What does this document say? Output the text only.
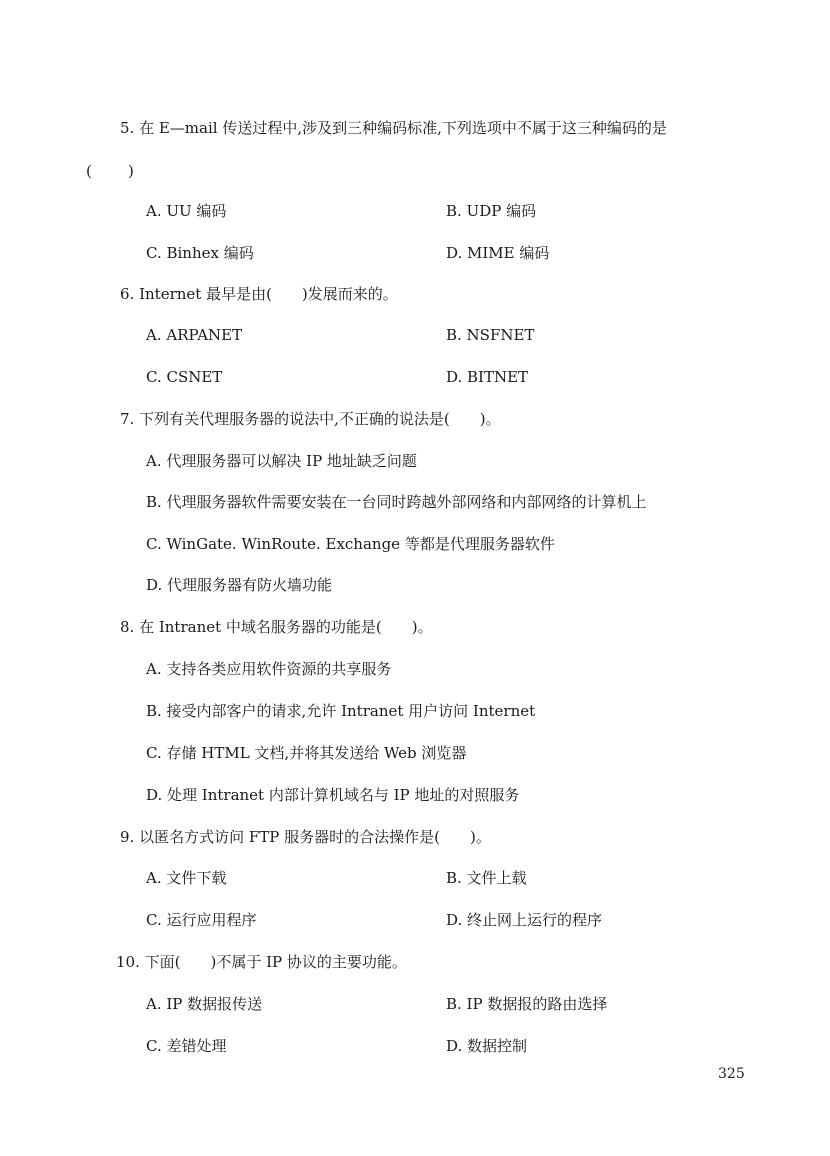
5. 在 E—mail 传送过程中,涉及到三种编码标准,下列选项中不属于这三种编码的是
( )
A. UU 编码	B. UDP 编码
C. Binhex 编码	D. MIME 编码
6. Internet 最早是由(　　)发展而来的。
A. ARPANET	B. NSFNET
C. CSNET	D. BITNET
7. 下列有关代理服务器的说法中,不正确的说法是(　　)。
A. 代理服务器可以解决 IP 地址缺乏问题
B. 代理服务器软件需要安装在一台同时跨越外部网络和内部网络的计算机上
C. WinGate. WinRoute. Exchange 等都是代理服务器软件
D. 代理服务器有防火墙功能
8. 在 Intranet 中域名服务器的功能是(　　)。
A. 支持各类应用软件资源的共享服务
B. 接受内部客户的请求,允许 Intranet 用户访问 Internet
C. 存储 HTML 文档,并将其发送给 Web 浏览器
D. 处理 Intranet 内部计算机域名与 IP 地址的对照服务
9. 以匿名方式访问 FTP 服务器时的合法操作是(　　)。
A. 文件下载	B. 文件上载
C. 运行应用程序	D. 终止网上运行的程序
10. 下面(　　)不属于 IP 协议的主要功能。
A. IP 数据报传送	B. IP 数据报的路由选择
C. 差错处理	D. 数据控制
325
